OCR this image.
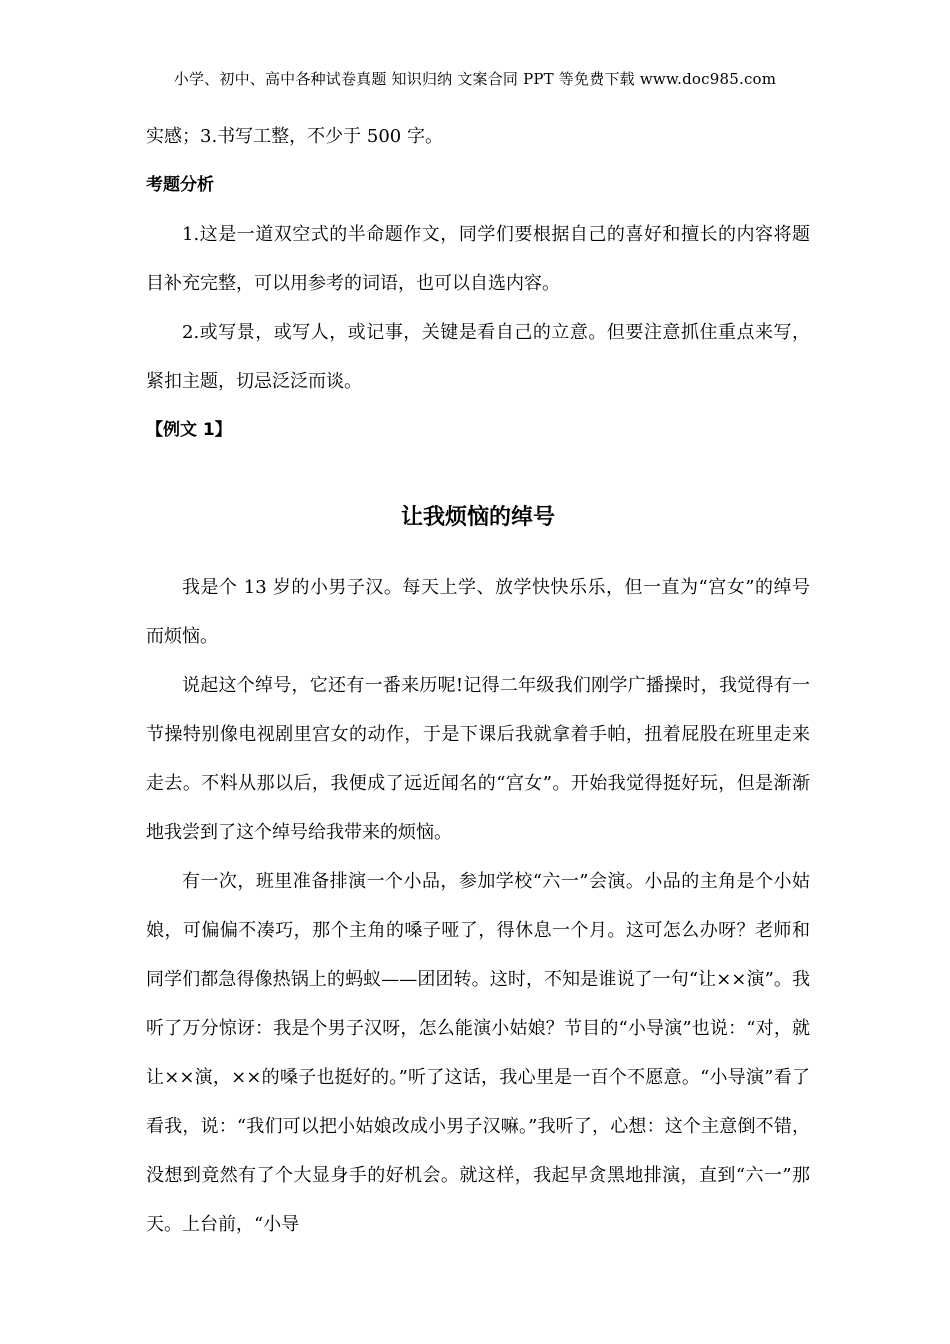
小学、初中、高中各种试卷真题 知识归纳 文案合同 PPT 等免费下载 www.doc985.com

实感；3.书写工整，不少于 500 字。

考题分析

1.这是一道双空式的半命题作文，同学们要根据自己的喜好和擅长的内容将题目补充完整，可以用参考的词语，也可以自选内容。

2.或写景，或写人，或记事，关键是看自己的立意。但要注意抓住重点来写，紧扣主题，切忌泛泛而谈。

【例文 1】

让我烦恼的绰号

我是个 13 岁的小男子汉。每天上学、放学快快乐乐，但一直为“宫女”的绰号而烦恼。

说起这个绰号，它还有一番来历呢!记得二年级我们刚学广播操时，我觉得有一节操特别像电视剧里宫女的动作，于是下课后我就拿着手帕，扭着屁股在班里走来走去。不料从那以后，我便成了远近闻名的“宫女”。开始我觉得挺好玩，但是渐渐地我尝到了这个绰号给我带来的烦恼。

有一次，班里准备排演一个小品，参加学校“六一”会演。小品的主角是个小姑娘，可偏偏不凑巧，那个主角的嗓子哑了，得休息一个月。这可怎么办呀？老师和同学们都急得像热锅上的蚂蚁——团团转。这时，不知是谁说了一句“让××演”。我听了万分惊讶：我是个男子汉呀，怎么能演小姑娘？节目的“小导演”也说：“对，就让××演，××的嗓子也挺好的。”听了这话，我心里是一百个不愿意。“小导演”看了看我，说：“我们可以把小姑娘改成小男子汉嘛。”我听了，心想：这个主意倒不错，没想到竟然有了个大显身手的好机会。就这样，我起早贪黑地排演，直到“六一”那天。上台前，“小导
